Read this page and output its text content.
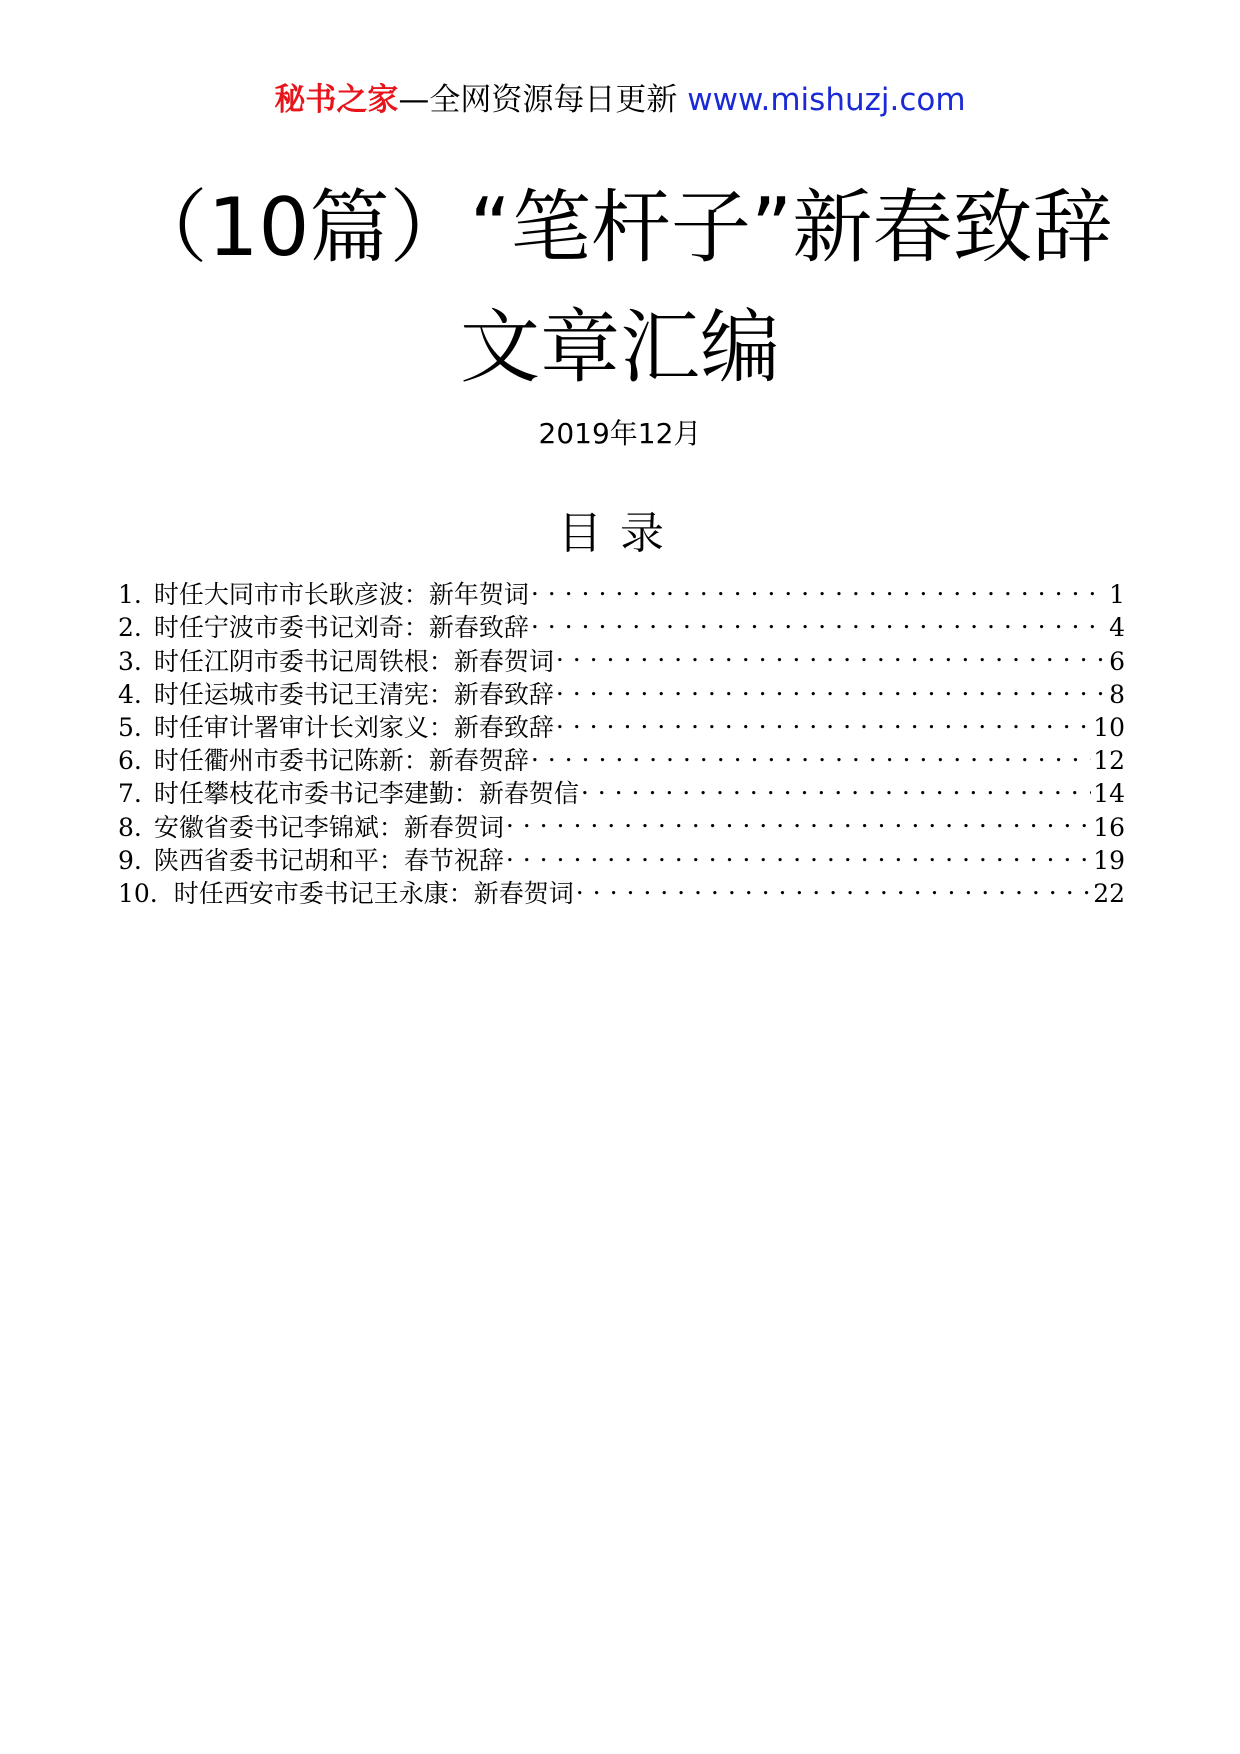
秘书之家—全网资源每日更新 www.mishuzj.com
（10篇）“笔杆子”新春致辞
文章汇编
2019年12月
目录
1. 时任大同市市长耿彦波：新年贺词 . . .	1
2. 时任宁波市委书记刘奇：新春致辞 . . .	4
3. 时任江阴市委书记周铁根：新春贺词 . . .	6
4. 时任运城市委书记王清宪：新春致辞 . . .	8
5. 时任审计署审计长刘家义：新春致辞 . . .	10
6. 时任衢州市委书记陈新：新春贺辞 . . .	12
7. 时任攀枝花市委书记李建勤：新春贺信 . . .	14
8. 安徽省委书记李锦斌：新春贺词 . . .	16
9. 陕西省委书记胡和平：春节祝辞 . . .	19
10. 时任西安市委书记王永康：新春贺词 . . .	22
